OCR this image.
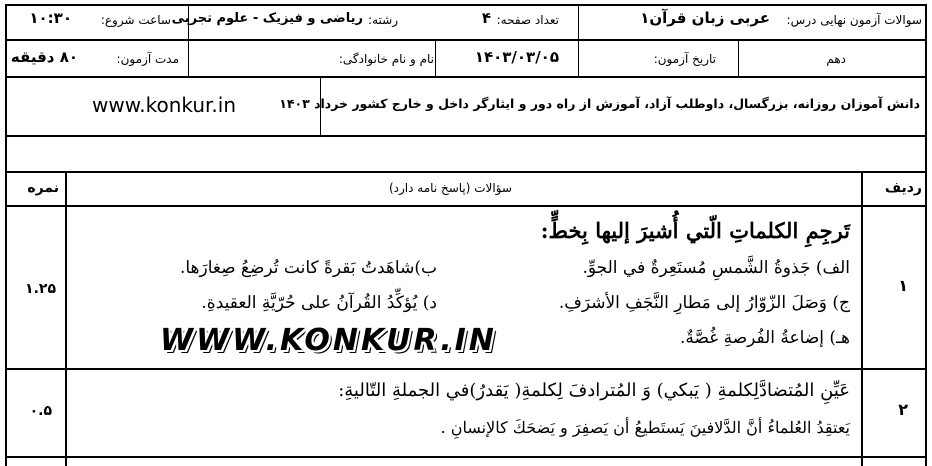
سوالات آزمون نهایی درس:
عربی زبان قرآن۱
تعداد صفحه:
۴
رشته:
ریاضی و فیزیک - علوم تجربی
ساعت شروع:
۱۰:۳۰
دهم
تاریخ آزمون:
۱۴۰۳/۰۳/۰۵
نام و نام خانوادگی:
مدت آزمون:
۸۰ دقیقه
دانش آموزان روزانه، بزرگسال، داوطلب آزاد، آموزش از راه دور و ایثارگر داخل و خارج کشور خرداد ۱۴۰۳
www.konkur.in
ردیف
سؤالات (پاسخ نامه دارد)
نمره
۱
۱.۲۵
تَرجِمِ الکلماتِ الّتي أُشيرَ إليها بِخطٍّ:
الف) جَذوةُ الشَّمسِ مُستَعِرةٌ في الجوِّ.
ب)شاهَدتُ بَقرةً كانت تُرضِعُ صِغارَها.
ج) وَصَلَ الزّوّارُ إلى مَطارِ النَّجَفِ الأشرَفِ.
د) يُؤكِّدُ القُرآنُ على حُرّيَّةِ العقيدةِ.
هـ) إضاعةُ الفُرصةِ غُصَّةٌ.
WWW.KONKUR.IN
۲
۰.۵
عَيِّنِ المُتضادَّلِكلمةِ ( يَبكي) وَ المُترادفَ لِكلمةِ( يَقدرُ)في الجملةِ التّاليةِ:
يَعتقِدُ العُلماءُ أنَّ الدَّلافينَ يَستَطيعُ أن يَصفِرَ و يَضحَكَ كالإنسانِ .
